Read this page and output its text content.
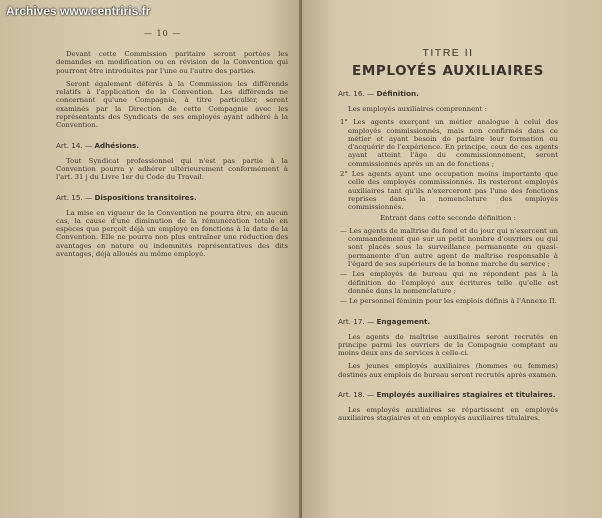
Archives www.centriris.fr
— 10 —

Devant cette Commission paritaire seront portées les demandes en modification ou en révision de la Convention qui pourront être introduites par l'une ou l'autre des parties.

Seront également déférés à la Commission les différends relatifs à l'application de la Convention. Les différends ne concernant qu'une Compagnie, à titre particulier, seront examinés par la Direction de cette Compagnie avec les représentants des Syndicats de ses employés ayant adhéré à la Convention.

Art. 14. — Adhésions.

Tout Syndicat professionnel qui n'est pas partie à la Convention pourra y adhérer ultérieurement conformément à l'art. 31 j du Livre 1er du Code du Travail.

Art. 15. — Dispositions transitoires.

La mise en vigueur de la Convention ne pourra être, en aucun cas, la cause d'une diminution de la rémunération totale en espèces que perçoit déjà un employé en fonctions à la date de la Convention. Elle ne pourra non plus entraîner une réduction des avantages en nature ou indemnités représentatives des dits avantages, déjà alloués au même employé.

TITRE II
EMPLOYÉS AUXILIAIRES
Art. 16. — Définition.

Les employés auxiliaires comprennent :

1° Les agents exerçant un métier analogue à celui des employés commissionnés, mais non confirmés dans ce métier et ayant besoin de parfaire leur formation ou d'acquérir de l'expérience. En principe, ceux de ces agents ayant atteint l'âge du commissionnement, seront commissionnés après un an de fonctions ;

2° Les agents ayant une occupation moins importante que celle des employés commissionnés. Ils resteront employés auxiliaires tant qu'ils n'exerceront pas l'une des fonctions reprises dans la nomenclature des employés commissionnés.

Entrant dans cette seconde définition :

— Les agents de maîtrise du fond et du jour qui n'exercent un commandement que sur un petit nombre d'ouvriers ou qui sont placés sous la surveillance permanente ou quasi-permanente d'un autre agent de maîtrise responsable à l'égard de ses supérieurs de la bonne marche du service ;

— Les employés de bureau qui ne répondent pas à la définition de l'employé aux écritures telle qu'elle est donnée dans la nomenclature ;

— Le personnel féminin pour les emplois définis à l'Annexe II.

Art. 17. — Engagement.

Les agents de maîtrise auxiliaires seront recrutés en principe parmi les ouvriers de la Compagnie comptant au moins deux ans de services à celle-ci.

Les jeunes employés auxiliaires (hommes ou femmes) destinés aux emplois de bureau seront recrutés après examen.

Art. 18. — Employés auxiliaires stagiaires et titulaires.

Les employés auxiliaires se répartissent en employés auxiliaires stagiaires et en employés auxiliaires titulaires.
